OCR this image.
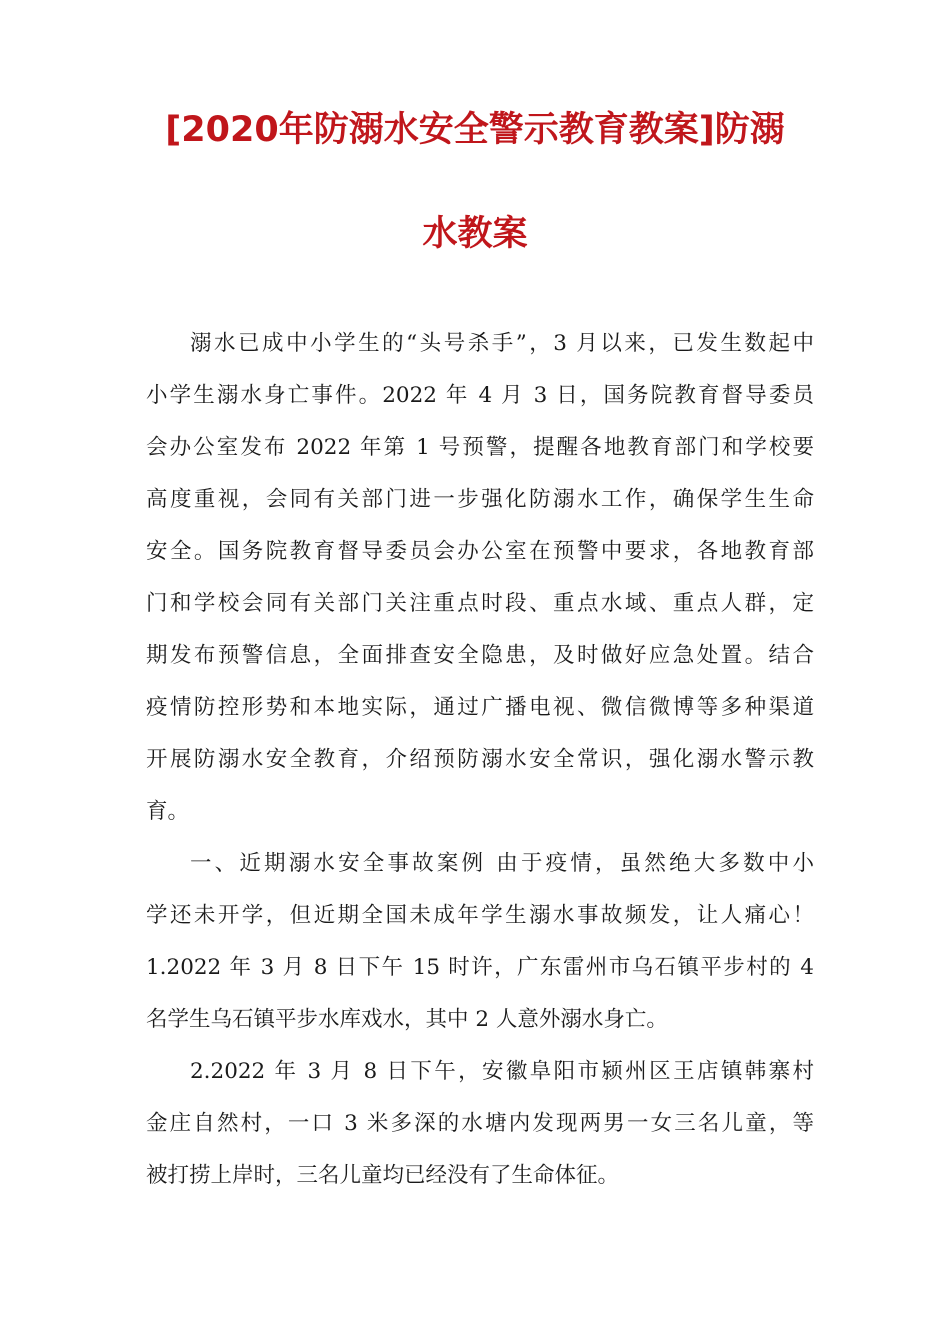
[2020年防溺水安全警示教育教案]防溺
水教案
溺水已成中小学生的“头号杀手”，3 月以来，已发生数起中
小学生溺水身亡事件。2022 年 4 月 3 日，国务院教育督导委员
会办公室发布 2022 年第 1 号预警，提醒各地教育部门和学校要
高度重视，会同有关部门进一步强化防溺水工作，确保学生生命
安全。国务院教育督导委员会办公室在预警中要求，各地教育部
门和学校会同有关部门关注重点时段、重点水域、重点人群，定
期发布预警信息，全面排查安全隐患，及时做好应急处置。结合
疫情防控形势和本地实际，通过广播电视、微信微博等多种渠道
开展防溺水安全教育，介绍预防溺水安全常识，强化溺水警示教
育。
一、近期溺水安全事故案例 由于疫情，虽然绝大多数中小
学还未开学，但近期全国未成年学生溺水事故频发，让人痛心！
1.2022 年 3 月 8 日下午 15 时许，广东雷州市乌石镇平步村的 4
名学生乌石镇平步水库戏水，其中 2 人意外溺水身亡。
2.2022 年 3 月 8 日下午，安徽阜阳市颍州区王店镇韩寨村
金庄自然村，一口 3 米多深的水塘内发现两男一女三名儿童，等
被打捞上岸时，三名儿童均已经没有了生命体征。
